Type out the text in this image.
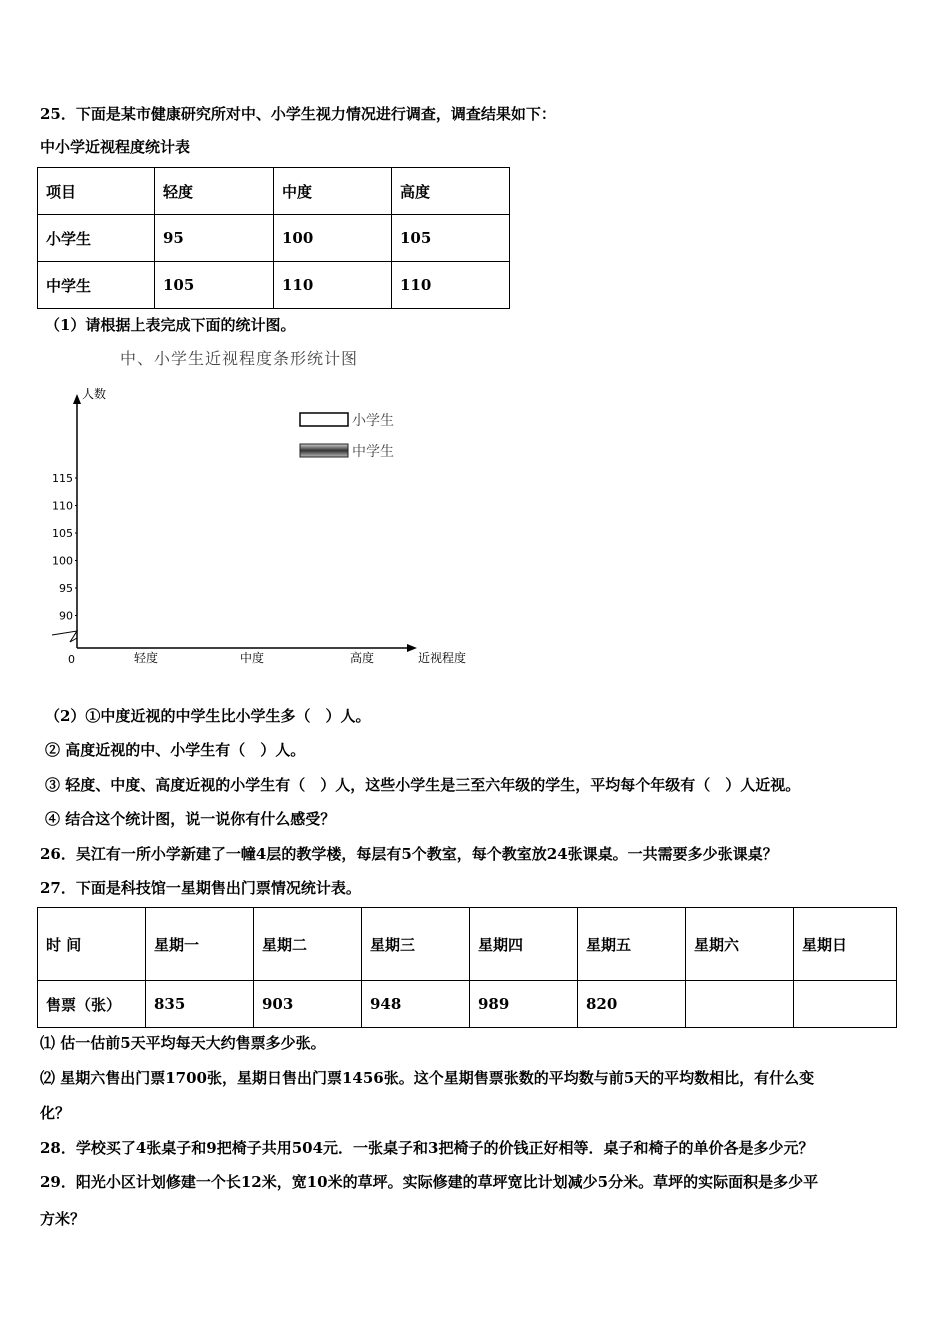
25．下面是某市健康研究所对中、小学生视力情况进行调查，调查结果如下：
中小学近视程度统计表
项目	轻度	中度	高度
小学生	95	100	105
中学生	105	110	110
（1）请根据上表完成下面的统计图。
中、小学生近视程度条形统计图
人数
近视程度
0
115
110
105
100
95
90
轻度	中度	高度
小学生
中学生
（2）①中度近视的中学生比小学生多（　）人。
② 高度近视的中、小学生有（　）人。
③ 轻度、中度、高度近视的小学生有（　）人，这些小学生是三至六年级的学生，平均每个年级有（　）人近视。
④ 结合这个统计图，说一说你有什么感受？
26．吴江有一所小学新建了一幢4层的教学楼，每层有5个教室，每个教室放24张课桌。一共需要多少张课桌？
27．下面是科技馆一星期售出门票情况统计表。
时 间	星期一	星期二	星期三	星期四	星期五	星期六	星期日
售票（张）	835	903	948	989	820		
⑴ 估一估前5天平均每天大约售票多少张。
⑵ 星期六售出门票1700张，星期日售出门票1456张。这个星期售票张数的平均数与前5天的平均数相比，有什么变
化？
28．学校买了4张桌子和9把椅子共用504元．一张桌子和3把椅子的价钱正好相等．桌子和椅子的单价各是多少元？
29．阳光小区计划修建一个长12米，宽10米的草坪。实际修建的草坪宽比计划减少5分米。草坪的实际面积是多少平
方米？
